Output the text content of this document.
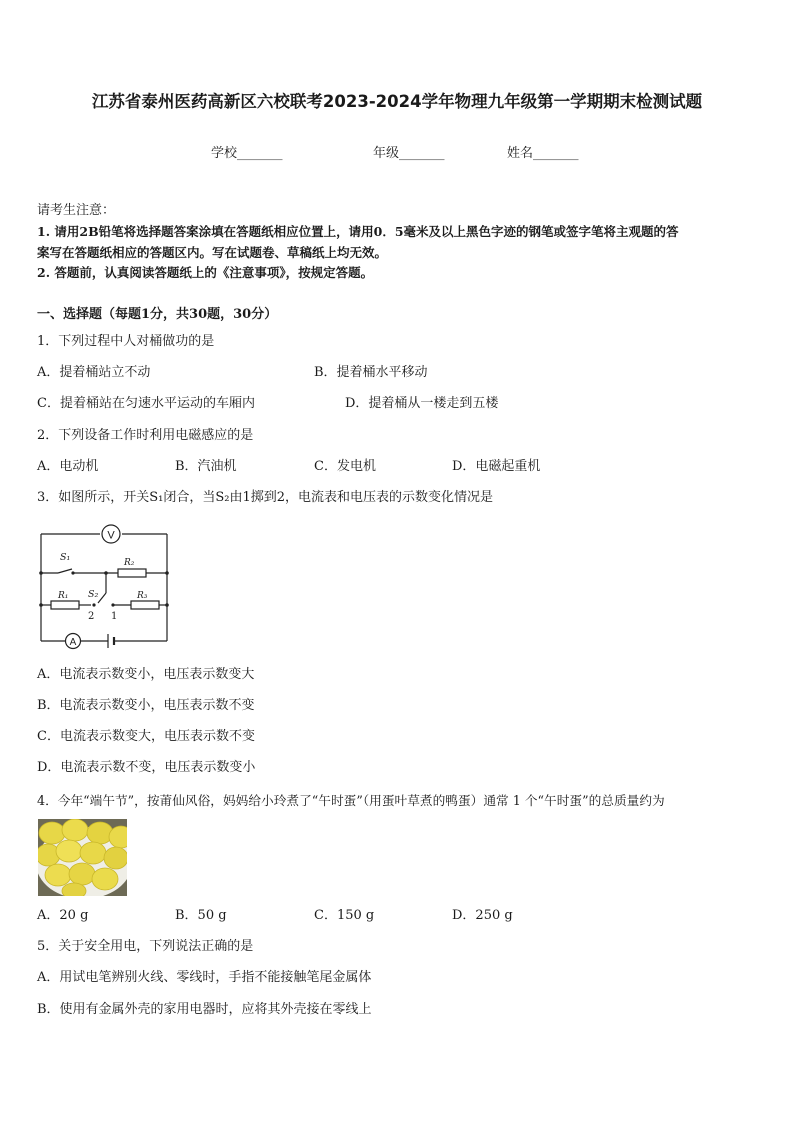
江苏省泰州医药高新区六校联考2023-2024学年物理九年级第一学期期末检测试题
学校_______	年级_______	姓名_______
请考生注意：
1. 请用2B铅笔将选择题答案涂填在答题纸相应位置上，请用0．5毫米及以上黑色字迹的钢笔或签字笔将主观题的答
案写在答题纸相应的答题区内。写在试题卷、草稿纸上均无效。
2. 答题前，认真阅读答题纸上的《注意事项》，按规定答题。
一、选择题（每题1分，共30题，30分）
1．下列过程中人对桶做功的是
A．提着桶站立不动	B．提着桶水平移动
C．提着桶站在匀速水平运动的车厢内	D．提着桶从一楼走到五楼
2．下列设备工作时利用电磁感应的是
A．电动机	B．汽油机	C．发电机	D．电磁起重机
3．如图所示，开关S₁闭合，当S₂由1掷到2，电流表和电压表的示数变化情况是
V
A
S₁	R₂
R₁ S₂	R₃
2 1
A．电流表示数变小，电压表示数变大
B．电流表示数变小，电压表示数不变
C．电流表示数变大，电压表示数不变
D．电流表示数不变，电压表示数变小
4．今年“端午节”，按莆仙风俗，妈妈给小玲煮了“午时蛋”（用蛋叶草煮的鸭蛋）通常 1 个“午时蛋”的总质量约为
A．20 g	B．50 g	C．150 g	D．250 g
5．关于安全用电，下列说法正确的是
A．用试电笔辨别火线、零线时，手指不能接触笔尾金属体
B．使用有金属外壳的家用电器时，应将其外壳接在零线上
